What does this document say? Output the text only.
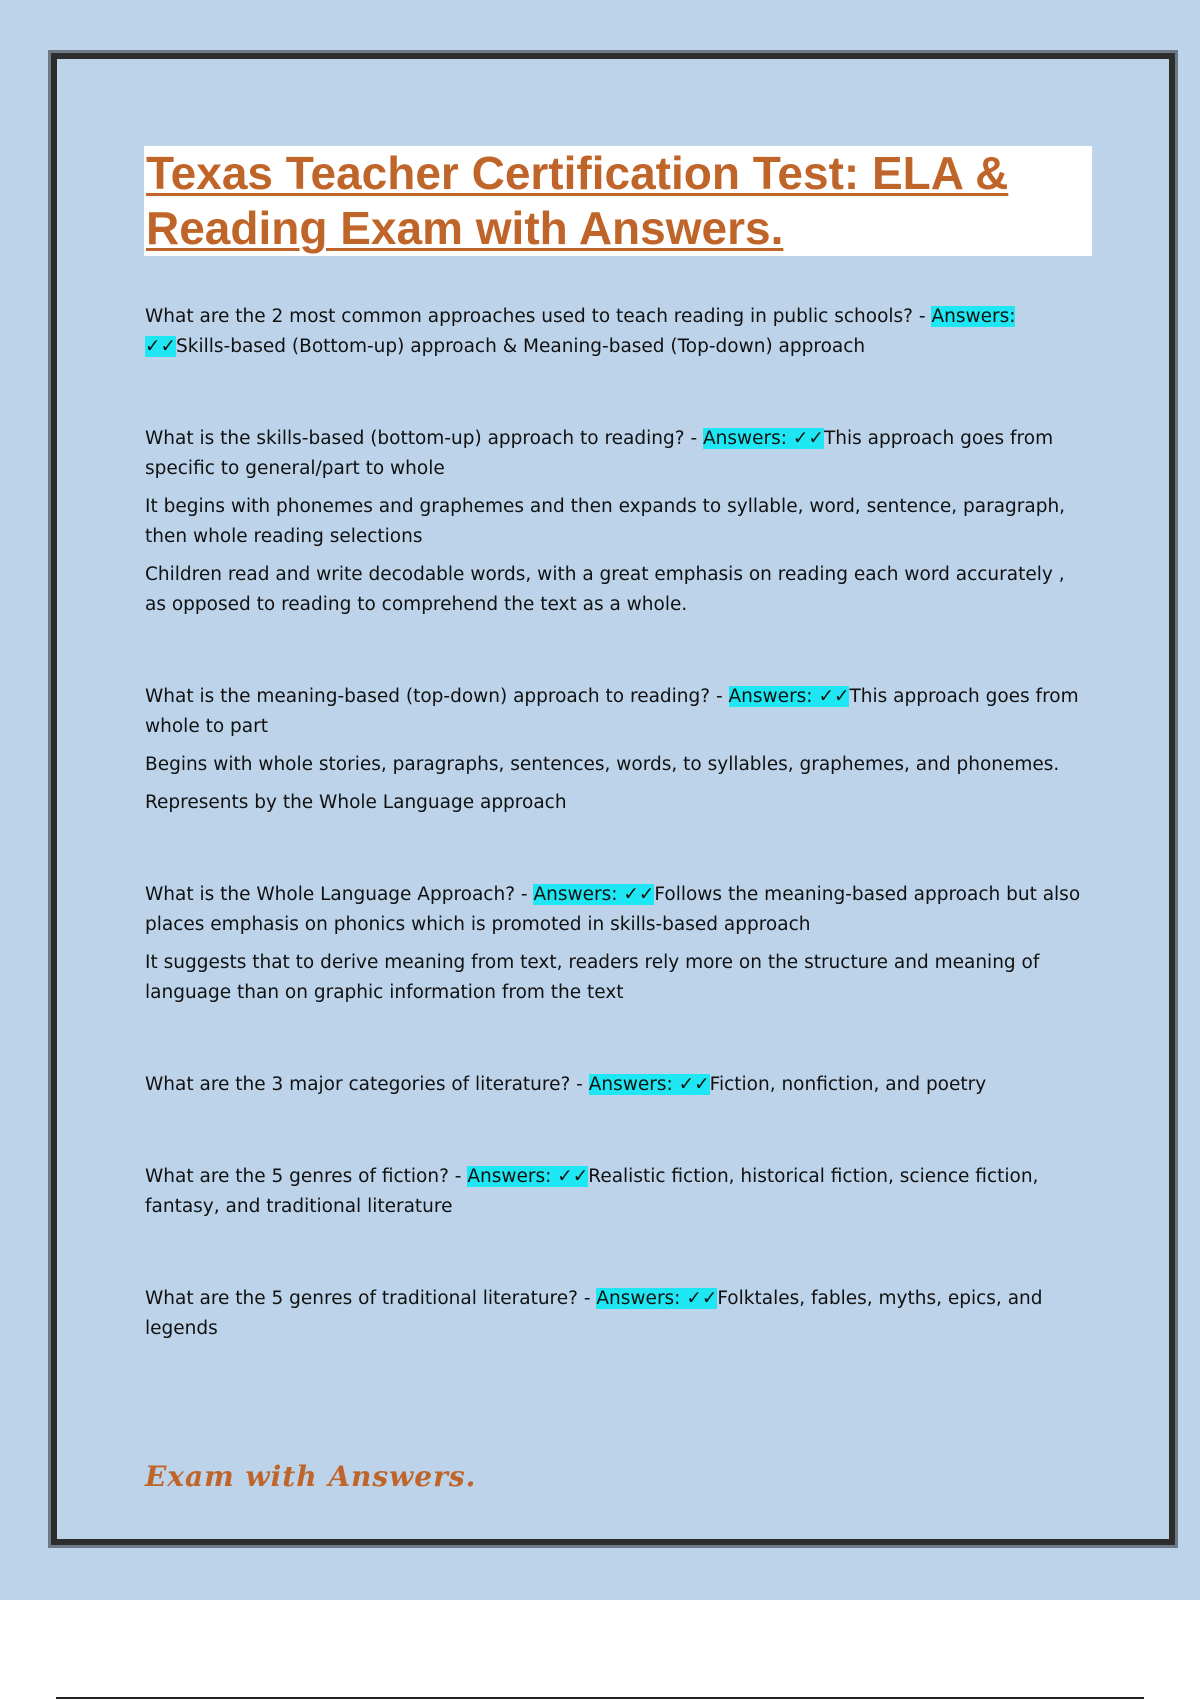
Texas Teacher Certification Test: ELA & Reading Exam with Answers.

What are the 2 most common approaches used to teach reading in public schools? - Answers: ✓✓Skills-based (Bottom-up) approach & Meaning-based (Top-down) approach

What is the skills-based (bottom-up) approach to reading? - Answers: ✓✓This approach goes from specific to general/part to whole

It begins with phonemes and graphemes and then expands to syllable, word, sentence, paragraph, then whole reading selections

Children read and write decodable words, with a great emphasis on reading each word accurately , as opposed to reading to comprehend the text as a whole.

What is the meaning-based (top-down) approach to reading? - Answers: ✓✓This approach goes from whole to part

Begins with whole stories, paragraphs, sentences, words, to syllables, graphemes, and phonemes.

Represents by the Whole Language approach

What is the Whole Language Approach? - Answers: ✓✓Follows the meaning-based approach but also places emphasis on phonics which is promoted in skills-based approach

It suggests that to derive meaning from text, readers rely more on the structure and meaning of language than on graphic information from the text

What are the 3 major categories of literature? - Answers: ✓✓Fiction, nonfiction, and poetry

What are the 5 genres of fiction? - Answers: ✓✓Realistic fiction, historical fiction, science fiction, fantasy, and traditional literature

What are the 5 genres of traditional literature? - Answers: ✓✓Folktales, fables, myths, epics, and legends

Exam with Answers.
